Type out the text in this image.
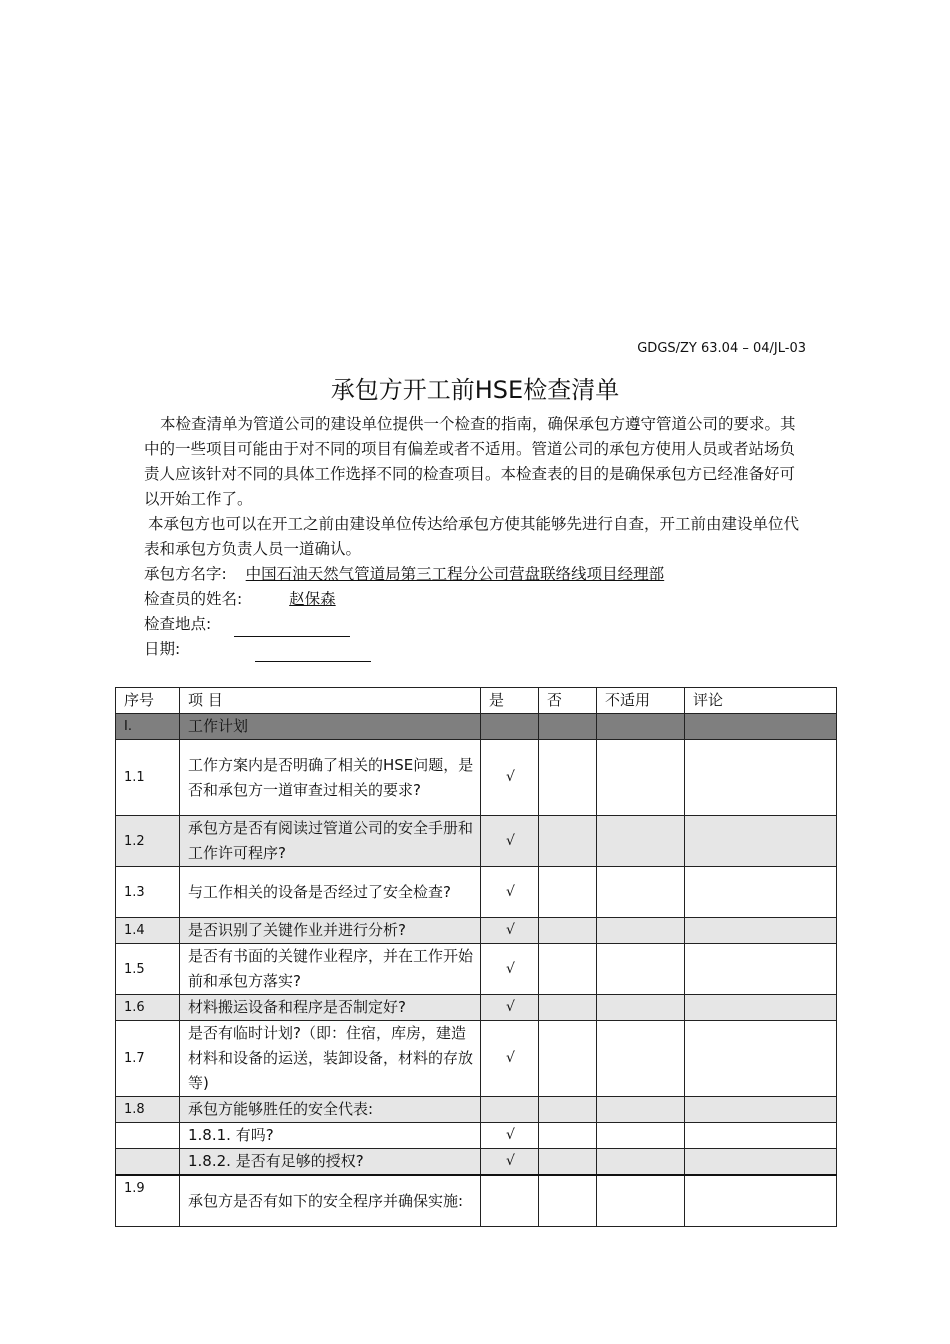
GDGS/ZY 63.04 – 04/JL-03
承包方开工前HSE检查清单

本检查清单为管道公司的建设单位提供一个检查的指南，确保承包方遵守管道公司的要求。其中的一些项目可能由于对不同的项目有偏差或者不适用。管道公司的承包方使用人员或者站场负责人应该针对不同的具体工作选择不同的检查项目。本检查表的目的是确保承包方已经准备好可以开始工作了。

本承包方也可以在开工之前由建设单位传达给承包方使其能够先进行自查，开工前由建设单位代表和承包方负责人员一道确认。

承包方名字: 中国石油天然气管道局第三工程分公司营盘联络线项目经理部
检查员的姓名:	赵保森
检查地点:
日期:
序号	项 目	是	否	不适用	评论
I.	工作计划				
1.1	工作方案内是否明确了相关的HSE问题，是否和承包方一道审查过相关的要求?	√			
1.2	承包方是否有阅读过管道公司的安全手册和工作许可程序?	√			
1.3	与工作相关的设备是否经过了安全检查?	√			
1.4	是否识别了关键作业并进行分析?	√			
1.5	是否有书面的关键作业程序，并在工作开始前和承包方落实?	√			
1.6	材料搬运设备和程序是否制定好?	√			
1.7	是否有临时计划?（即：住宿，库房，建造材料和设备的运送，装卸设备，材料的存放等)	√			
1.8	承包方能够胜任的安全代表:				
	1.8.1. 有吗?	√			
	1.8.2. 是否有足够的授权?	√			
1.9	承包方是否有如下的安全程序并确保实施:				
